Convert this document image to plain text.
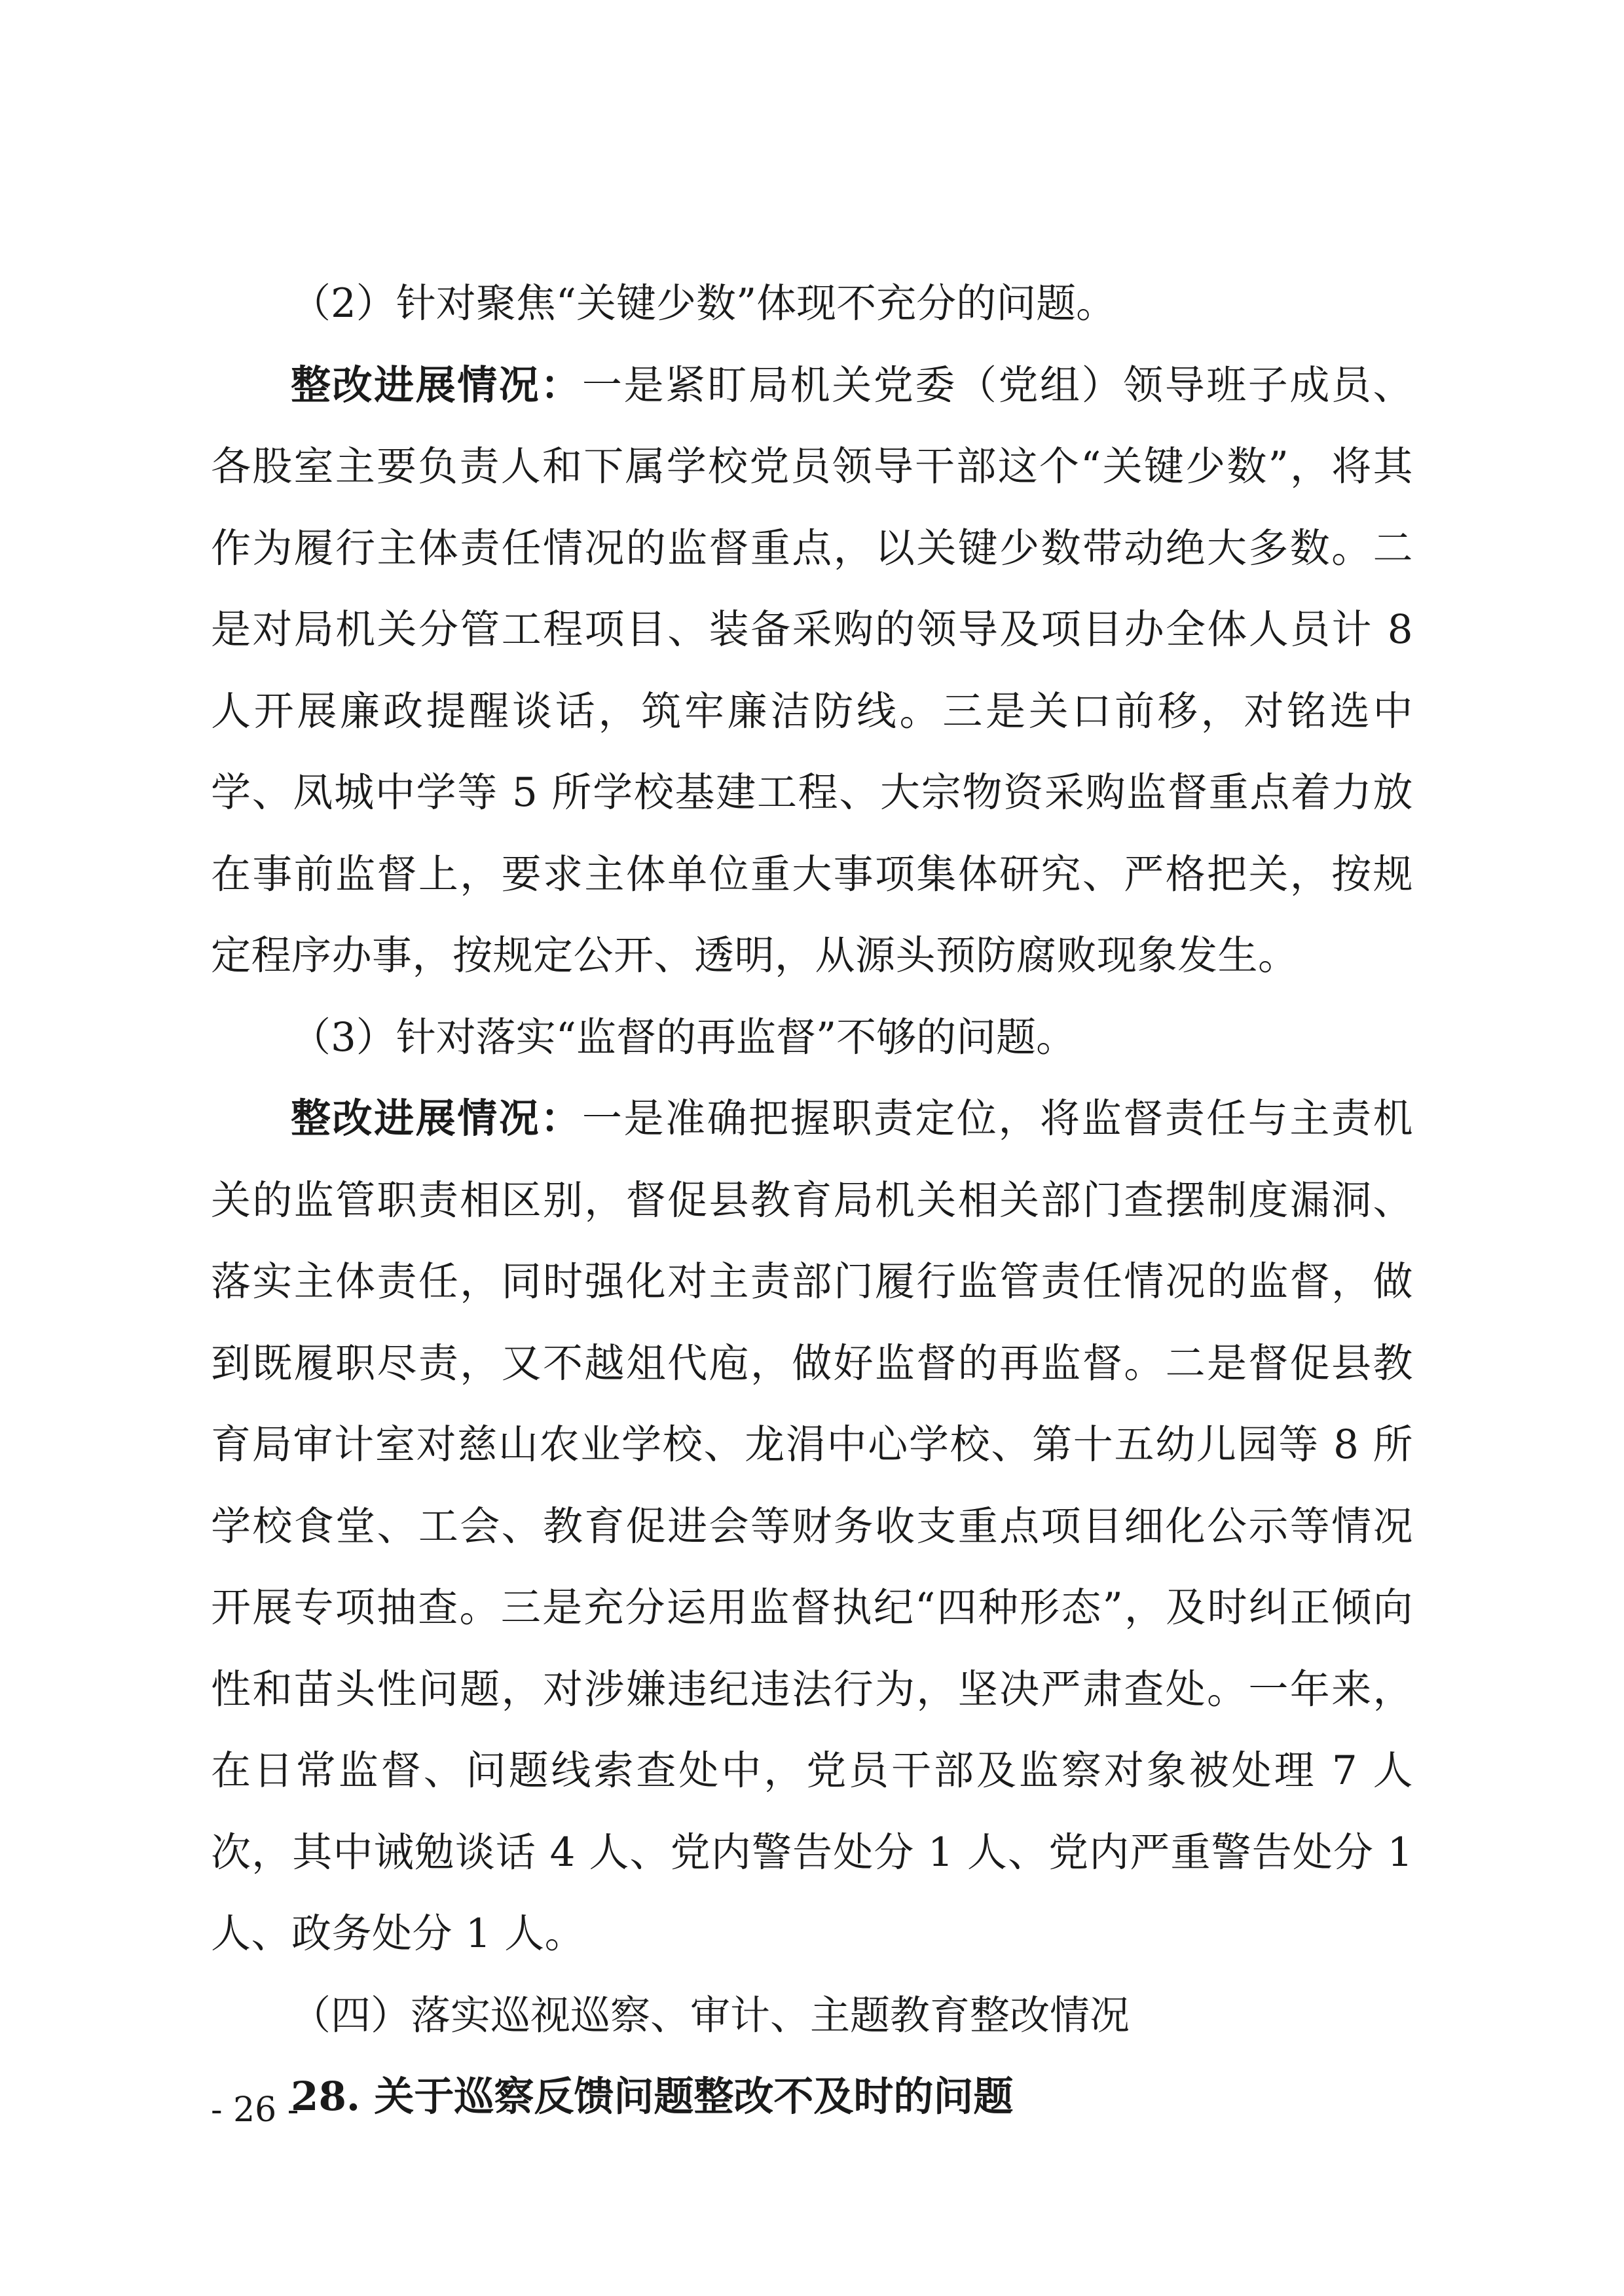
（2）针对聚焦“关键少数”体现不充分的问题。

整改进展情况：一是紧盯局机关党委（党组）领导班子成员、各股室主要负责人和下属学校党员领导干部这个“关键少数”，将其作为履行主体责任情况的监督重点，以关键少数带动绝大多数。二是对局机关分管工程项目、装备采购的领导及项目办全体人员计 8 人开展廉政提醒谈话，筑牢廉洁防线。三是关口前移，对铭选中学、凤城中学等 5 所学校基建工程、大宗物资采购监督重点着力放在事前监督上，要求主体单位重大事项集体研究、严格把关，按规定程序办事，按规定公开、透明，从源头预防腐败现象发生。

（3）针对落实“监督的再监督”不够的问题。

整改进展情况：一是准确把握职责定位，将监督责任与主责机关的监管职责相区别，督促县教育局机关相关部门查摆制度漏洞、落实主体责任，同时强化对主责部门履行监管责任情况的监督，做到既履职尽责，又不越俎代庖，做好监督的再监督。二是督促县教育局审计室对慈山农业学校、龙涓中心学校、第十五幼儿园等 8 所学校食堂、工会、教育促进会等财务收支重点项目细化公示等情况开展专项抽查。三是充分运用监督执纪“四种形态”，及时纠正倾向性和苗头性问题，对涉嫌违纪违法行为，坚决严肃查处。一年来，在日常监督、问题线索查处中，党员干部及监察对象被处理 7 人次，其中诫勉谈话 4 人、党内警告处分 1 人、党内严重警告处分 1 人、政务处分 1 人。

（四）落实巡视巡察、审计、主题教育整改情况

28. 关于巡察反馈问题整改不及时的问题

- 26 -
